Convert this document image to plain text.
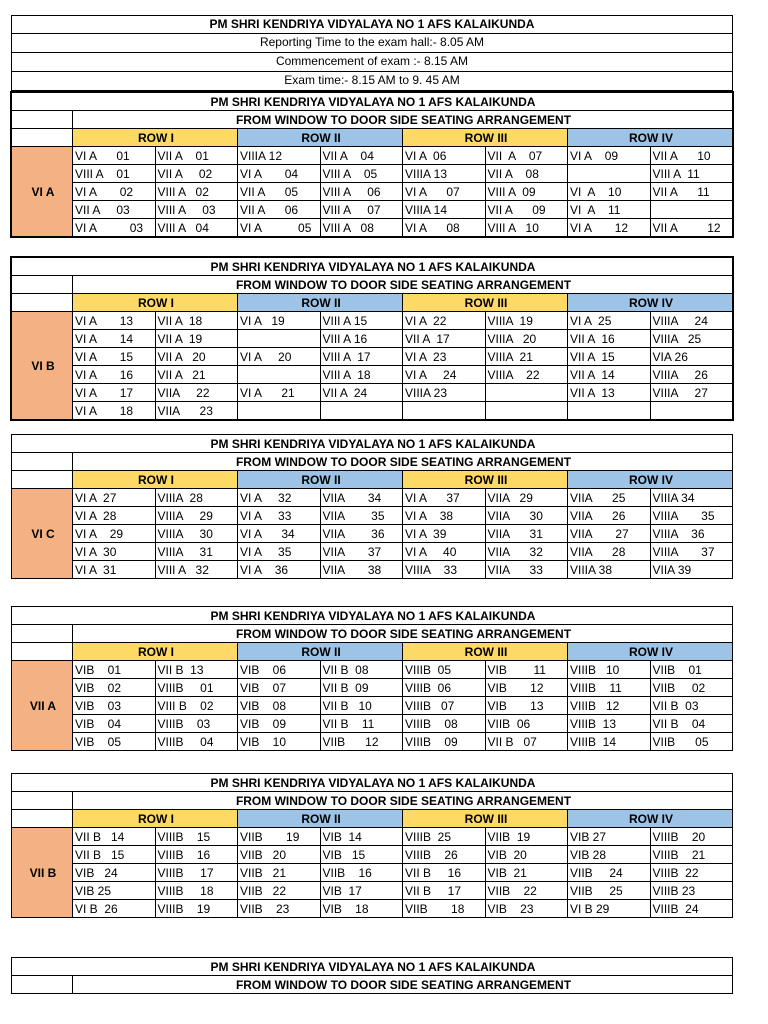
PM SHRI KENDRIYA VIDYALAYA NO 1 AFS KALAIKUNDA
Reporting Time to the exam hall:- 8.05 AM
Commencement of exam :- 8.15 AM
Exam time:- 8.15 AM to 9. 45 AM
PM SHRI KENDRIYA VIDYALAYA NO 1 AFS KALAIKUNDA								
	FROM WINDOW TO DOOR SIDE SEATING ARRANGEMENT							
	ROW I		ROW II		ROW III		ROW IV	
VI A	VI A      01	VII A    01	VIIIA 12	VII A    04	VI A  06	VII  A    07	VI A    09	VII A      10
	VIII A    01	VII A     02	VI A       04	VIII A    05	VIIIA 13	VII A    08		VIII A  11
	VI A       02	VIII A   02	VII A      05	VIII A     06	VI A      07	VIII A  09	VI  A    10	VII A      11
	VII A     03	VIII A     03	VII A      06	VIII A     07	VIIIA 14	VII A      09	VI  A    11	
	VI A          03	VIII A   04	VI A           05	VIII A   08	VI A      08	VIII A   10	VI A       12	VII A         12
PM SHRI KENDRIYA VIDYALAYA NO 1 AFS KALAIKUNDA								
	FROM WINDOW TO DOOR SIDE SEATING ARRANGEMENT							
	ROW I		ROW II		ROW III		ROW IV	
VI B	VI A       13	VII A  18	VI A   19	VIII A 15	VI A  22	VIIIA  19	VI A  25	VIIIA     24
	VI A       14	VII A  19		VIII A 16	VII A  17	VIIIA   20	VII A  16	VIIIA   25
	VI A       15	VII A   20	VI A     20	VIII A  17	VI A  23	VIIIA  21	VII A  15	VIA 26
	VI A       16	VII A   21		VIII A  18	VI A     24	VIIIA    22	VII A  14	VIIIA     26
	VI A       17	VIIA     22	VI A      21	VII A  24	VIIIA 23		VII A  13	VIIIA     27
	VI A       18	VIIA      23						
PM SHRI KENDRIYA VIDYALAYA NO 1 AFS KALAIKUNDA								
	FROM WINDOW TO DOOR SIDE SEATING ARRANGEMENT							
	ROW I		ROW II		ROW III		ROW IV	
VI C	VI A  27	VIIIA  28	VI A     32	VIIA       34	VI A      37	VIIA   29	VIIA      25	VIIIA 34
	VI A  28	VIIIA     29	VI A     33	VIIA        35	VI A    38	VIIA      30	VIIA      26	VIIIA       35
	VI A    29	VIIIA     30	VI A      34	VIIA        36	VI A  39	VIIA      31	VIIA       27	VIIIA    36
	VI A  30	VIIIA     31	VI A     35	VIIA       37	VI A     40	VIIA      32	VIIA      28	VIIIA       37
	VI A  31	VIII A   32	VI A    36	VIIA       38	VIIIA    33	VIIA      33	VIIIA 38	VIIA 39
PM SHRI KENDRIYA VIDYALAYA NO 1 AFS KALAIKUNDA								
	FROM WINDOW TO DOOR SIDE SEATING ARRANGEMENT							
	ROW I		ROW II		ROW III		ROW IV	
VII A	VIB    01	VII B  13	VIB    06	VII B  08	VIIIB  05	VIB        11	VIIIB   10	VIIB    01
	VIB    02	VIIIB     01	VIB    07	VII B  09	VIIIB  06	VIB       12	VIIIB    11	VIIB     02
	VIB    03	VIII B    02	VIB    08	VII B   10	VIIIB   07	VIB       13	VIIIB   12	VII B  03
	VIB    04	VIIIB    03	VIB    09	VII B    11	VIIIB    08	VIIB  06	VIIIB  13	VII B    04
	VIB    05	VIIIB     04	VIB    10	VIIB      12	VIIIB    09	VII B   07	VIIIB  14	VIIB      05
PM SHRI KENDRIYA VIDYALAYA NO 1 AFS KALAIKUNDA								
	FROM WINDOW TO DOOR SIDE SEATING ARRANGEMENT							
	ROW I		ROW II		ROW III		ROW IV	
VII B	VII B   14	VIIIB    15	VIIB       19	VIB  14	VIIIB  25	VIIB  19	VIB 27	VIIIB    20
	VII B   15	VIIIB    16	VIIB   20	VIB   15	VIIIB    26	VIB  20	VIB 28	VIIIB    21
	VIB   24	VIIIB     17	VIIB   21	VIIB    16	VII B     16	VIB  21	VIIB     24	VIIIB  22
	VIB 25	VIIIB     18	VIIB   22	VIB  17	VII B     17	VIIB    22	VIIB     25	VIIIB 23
	VI B  26	VIIIB    19	VIIB    23	VIB    18	VIIB       18	VIB    23	VI B 29	VIIIB  24
PM SHRI KENDRIYA VIDYALAYA NO 1 AFS KALAIKUNDA
	FROM WINDOW TO DOOR SIDE SEATING ARRANGEMENT
